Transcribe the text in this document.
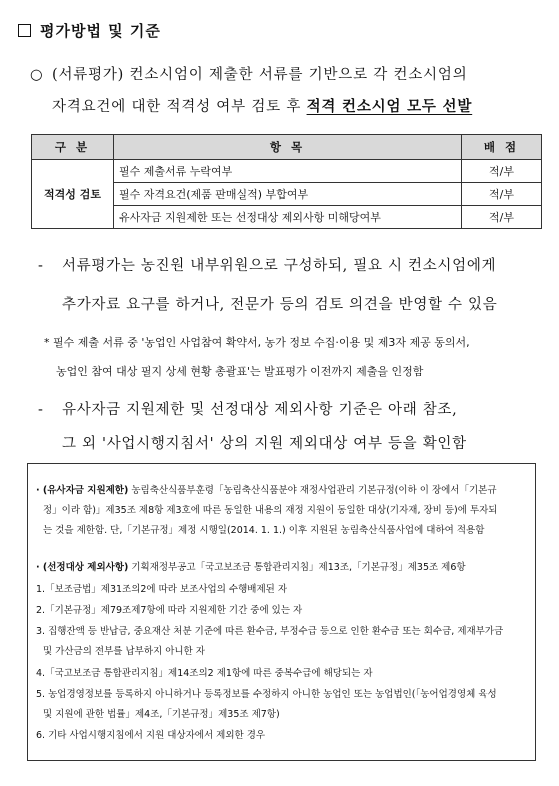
평가방법 및 기준
○ (서류평가) 컨소시엄이 제출한 서류를 기반으로 각 컨소시엄의
자격요건에 대한 적격성 여부 검토 후 적격 컨소시엄 모두 선발
구 분	항 목	배 점
적격성 검토	필수 제출서류 누락여부	적/부
	필수 자격요건(제품 판매실적) 부합여부	적/부
	유사자금 지원제한 또는 선정대상 제외사항 미해당여부	적/부
- 서류평가는 농진원 내부위원으로 구성하되, 필요 시 컨소시엄에게
추가자료 요구를 하거나, 전문가 등의 검토 의견을 반영할 수 있음
* 필수 제출 서류 중 '농업인 사업참여 확약서, 농가 정보 수집·이용 및 제3자 제공 동의서,
농업인 참여 대상 필지 상세 현황 총괄표'는 발표평가 이전까지 제출을 인정함
- 유사자금 지원제한 및 선정대상 제외사항 기준은 아래 참조,
그 외 '사업시행지침서' 상의 지원 제외대상 여부 등을 확인함
· (유사자금 지원제한) 농림축산식품부훈령「농림축산식품분야 재정사업관리 기본규정(이하 이 장에서「기본규
정」이라 함)」제35조 제8항 제3호에 따른 동일한 내용의 재정 지원이 동일한 대상(기자재, 장비 등)에 투자되
는 것을 제한함. 단,「기본규정」제정 시행일(2014. 1. 1.) 이후 지원된 농림축산식품사업에 대하여 적용함
· (선정대상 제외사항) 기획재정부공고「국고보조금 통합관리지침」제13조,「기본규정」제35조 제6항
1.「보조금법」제31조의2에 따라 보조사업의 수행배제된 자
2.「기본규정」제79조제7항에 따라 지원제한 기간 중에 있는 자
3. 집행잔액 등 반납금, 중요재산 처분 기준에 따른 환수금, 부정수급 등으로 인한 환수금 또는 회수금, 제재부가금
및 가산금의 전부를 납부하지 아니한 자
4.「국고보조금 통합관리지침」제14조의2 제1항에 따른 중복수급에 해당되는 자
5. 농업경영정보를 등록하지 아니하거나 등록정보를 수정하지 아니한 농업인 또는 농업법인(「농어업경영체 육성
및 지원에 관한 법률」제4조,「기본규정」제35조 제7항)
6. 기타 사업시행지침에서 지원 대상자에서 제외한 경우
